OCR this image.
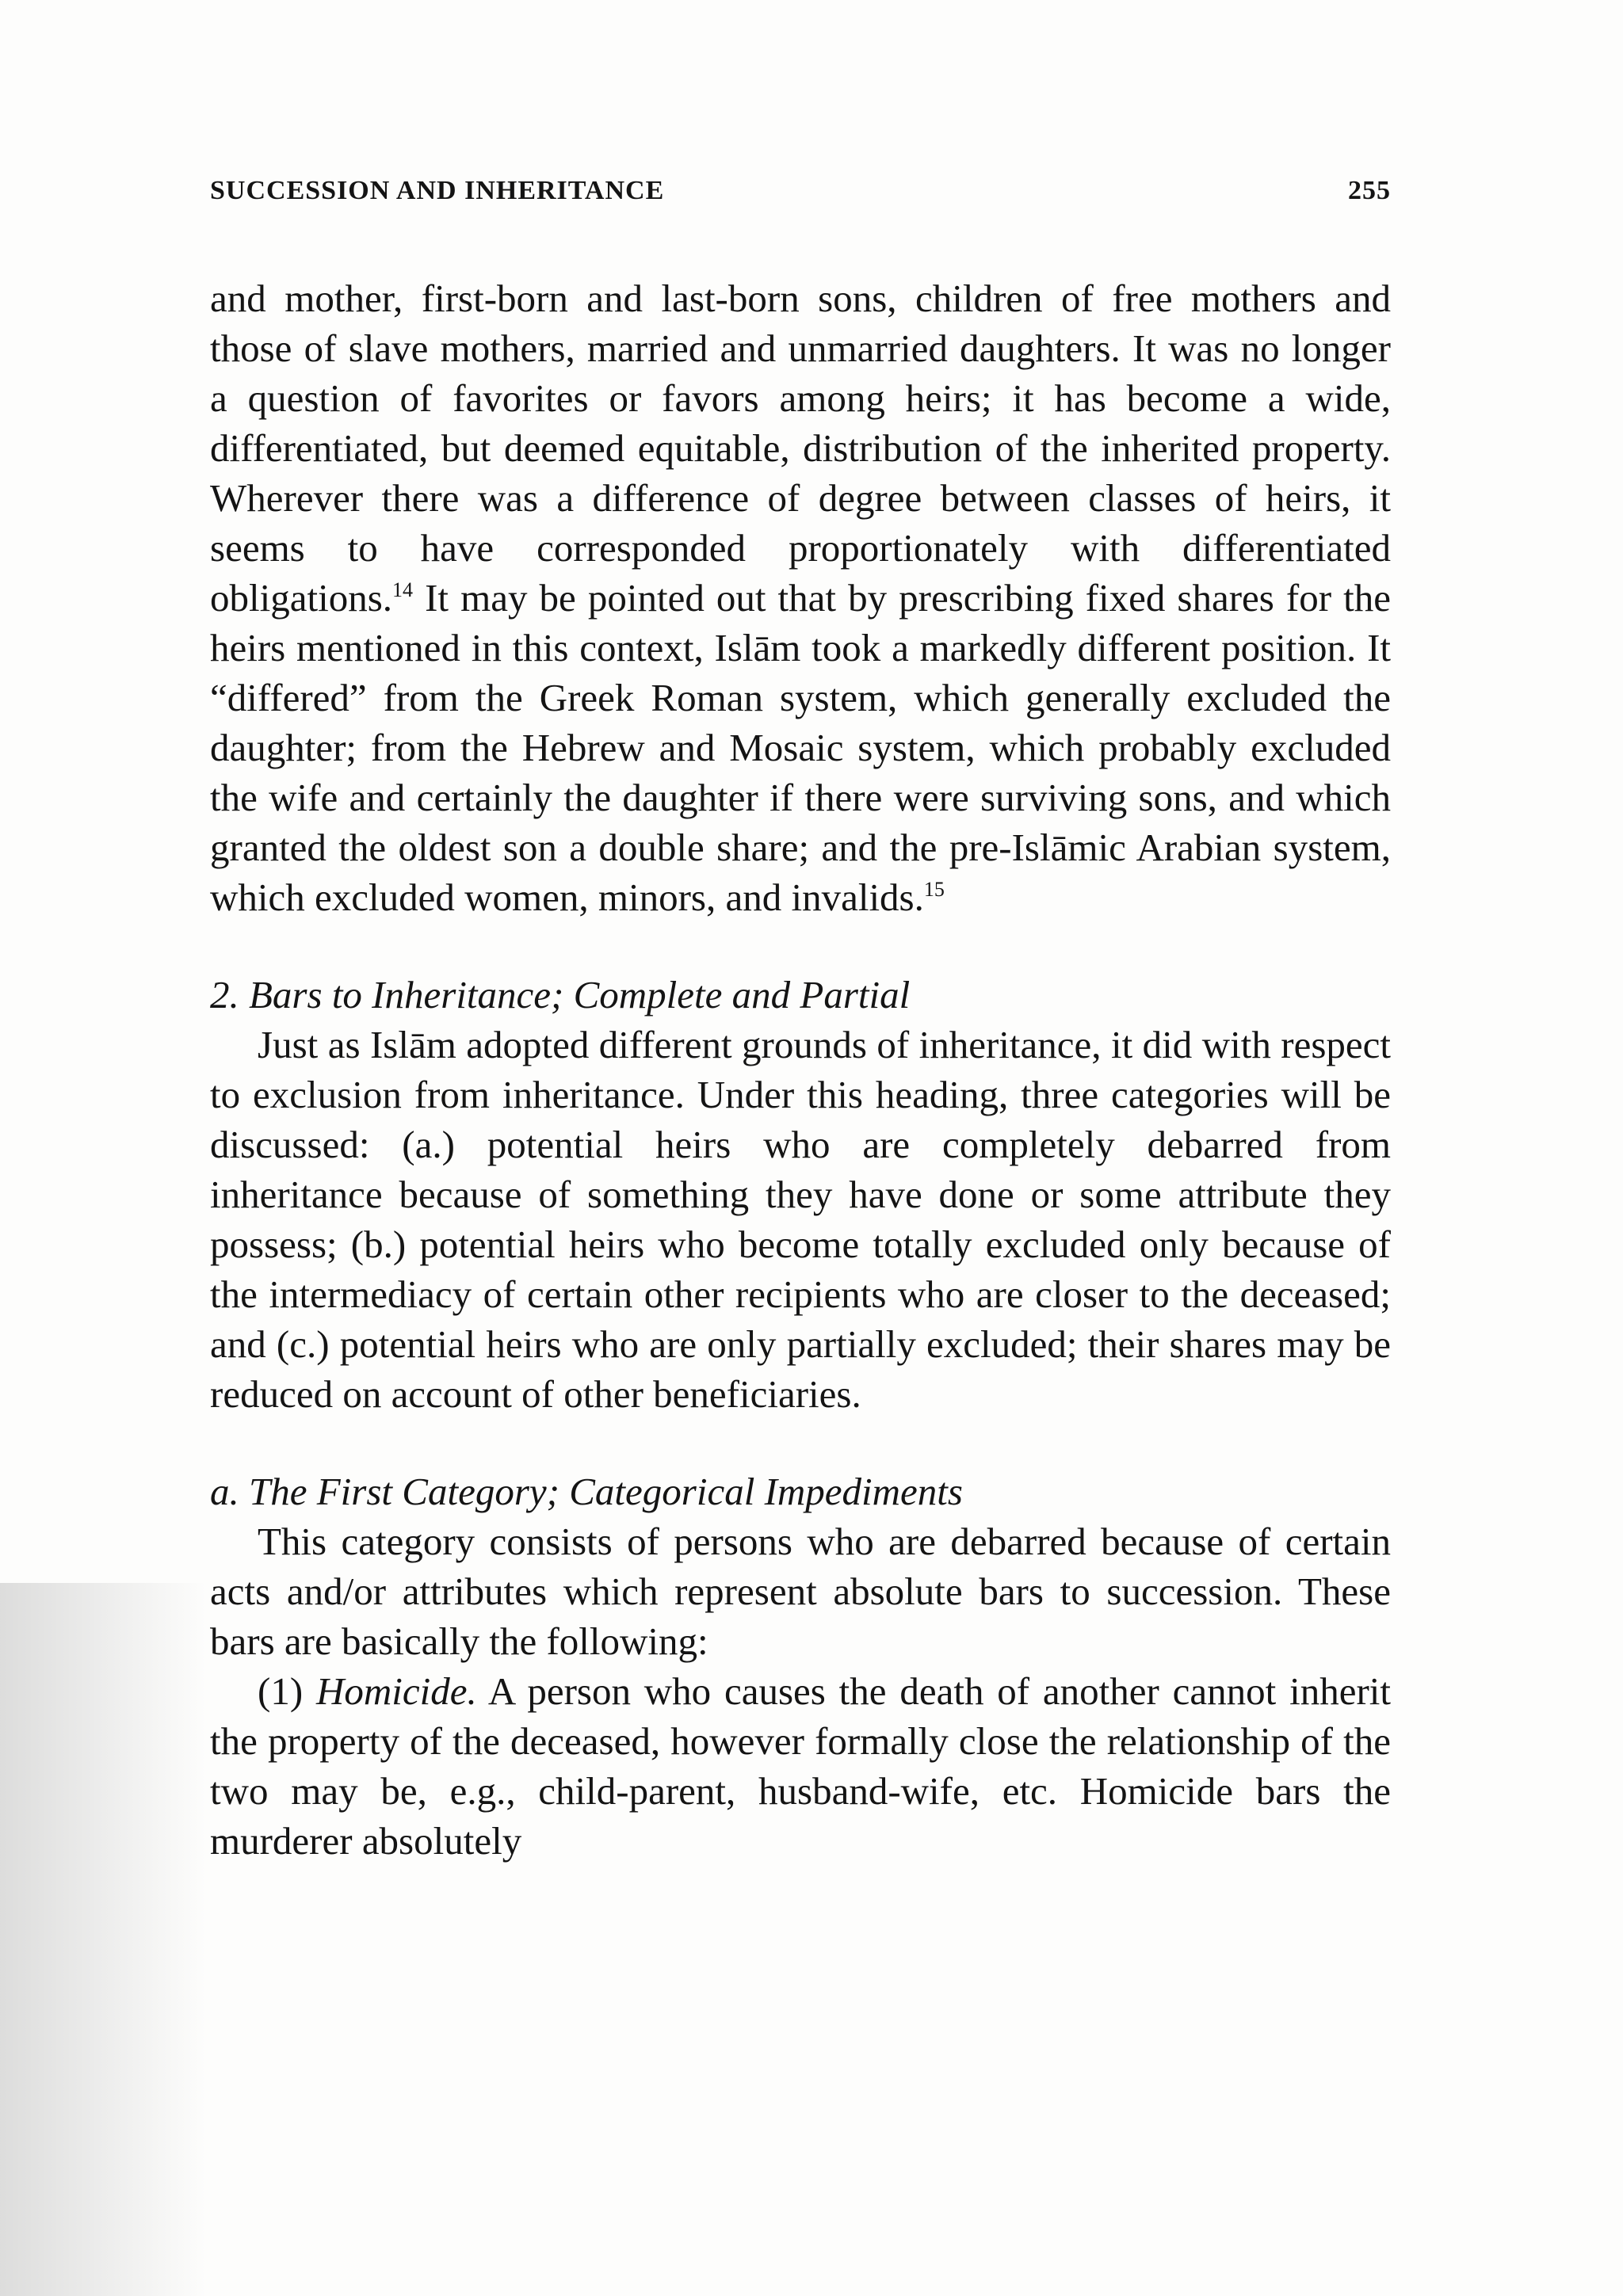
SUCCESSION AND INHERITANCE	255

and mother, first-born and last-born sons, children of free mothers and those of slave mothers, married and unmarried daughters. It was no longer a question of favorites or favors among heirs; it has become a wide, differentiated, but deemed equitable, distribution of the inherited property. Wherever there was a difference of degree between classes of heirs, it seems to have corresponded proportionately with differentiated obligations.$^{14}$ It may be pointed out that by prescribing fixed shares for the heirs mentioned in this context, Islām took a markedly different position. It “differed” from the Greek Roman system, which generally excluded the daughter; from the Hebrew and Mosaic system, which probably excluded the wife and certainly the daughter if there were surviving sons, and which granted the oldest son a double share; and the pre-Islāmic Arabian system, which excluded women, minors, and invalids.$^{15}$

2. Bars to Inheritance; Complete and Partial

Just as Islām adopted different grounds of inheritance, it did with respect to exclusion from inheritance. Under this heading, three categories will be discussed: (a.) potential heirs who are completely debarred from inheritance because of something they have done or some attribute they possess; (b.) potential heirs who become totally excluded only because of the intermediacy of certain other recipients who are closer to the deceased; and (c.) potential heirs who are only partially excluded; their shares may be reduced on account of other beneficiaries.

a. The First Category; Categorical Impediments

This category consists of persons who are debarred because of certain acts and/or attributes which represent absolute bars to succession. These bars are basically the following:

(1) Homicide. A person who causes the death of another cannot inherit the property of the deceased, however formally close the relationship of the two may be, e.g., child-parent, husband-wife, etc. Homicide bars the murderer absolutely
